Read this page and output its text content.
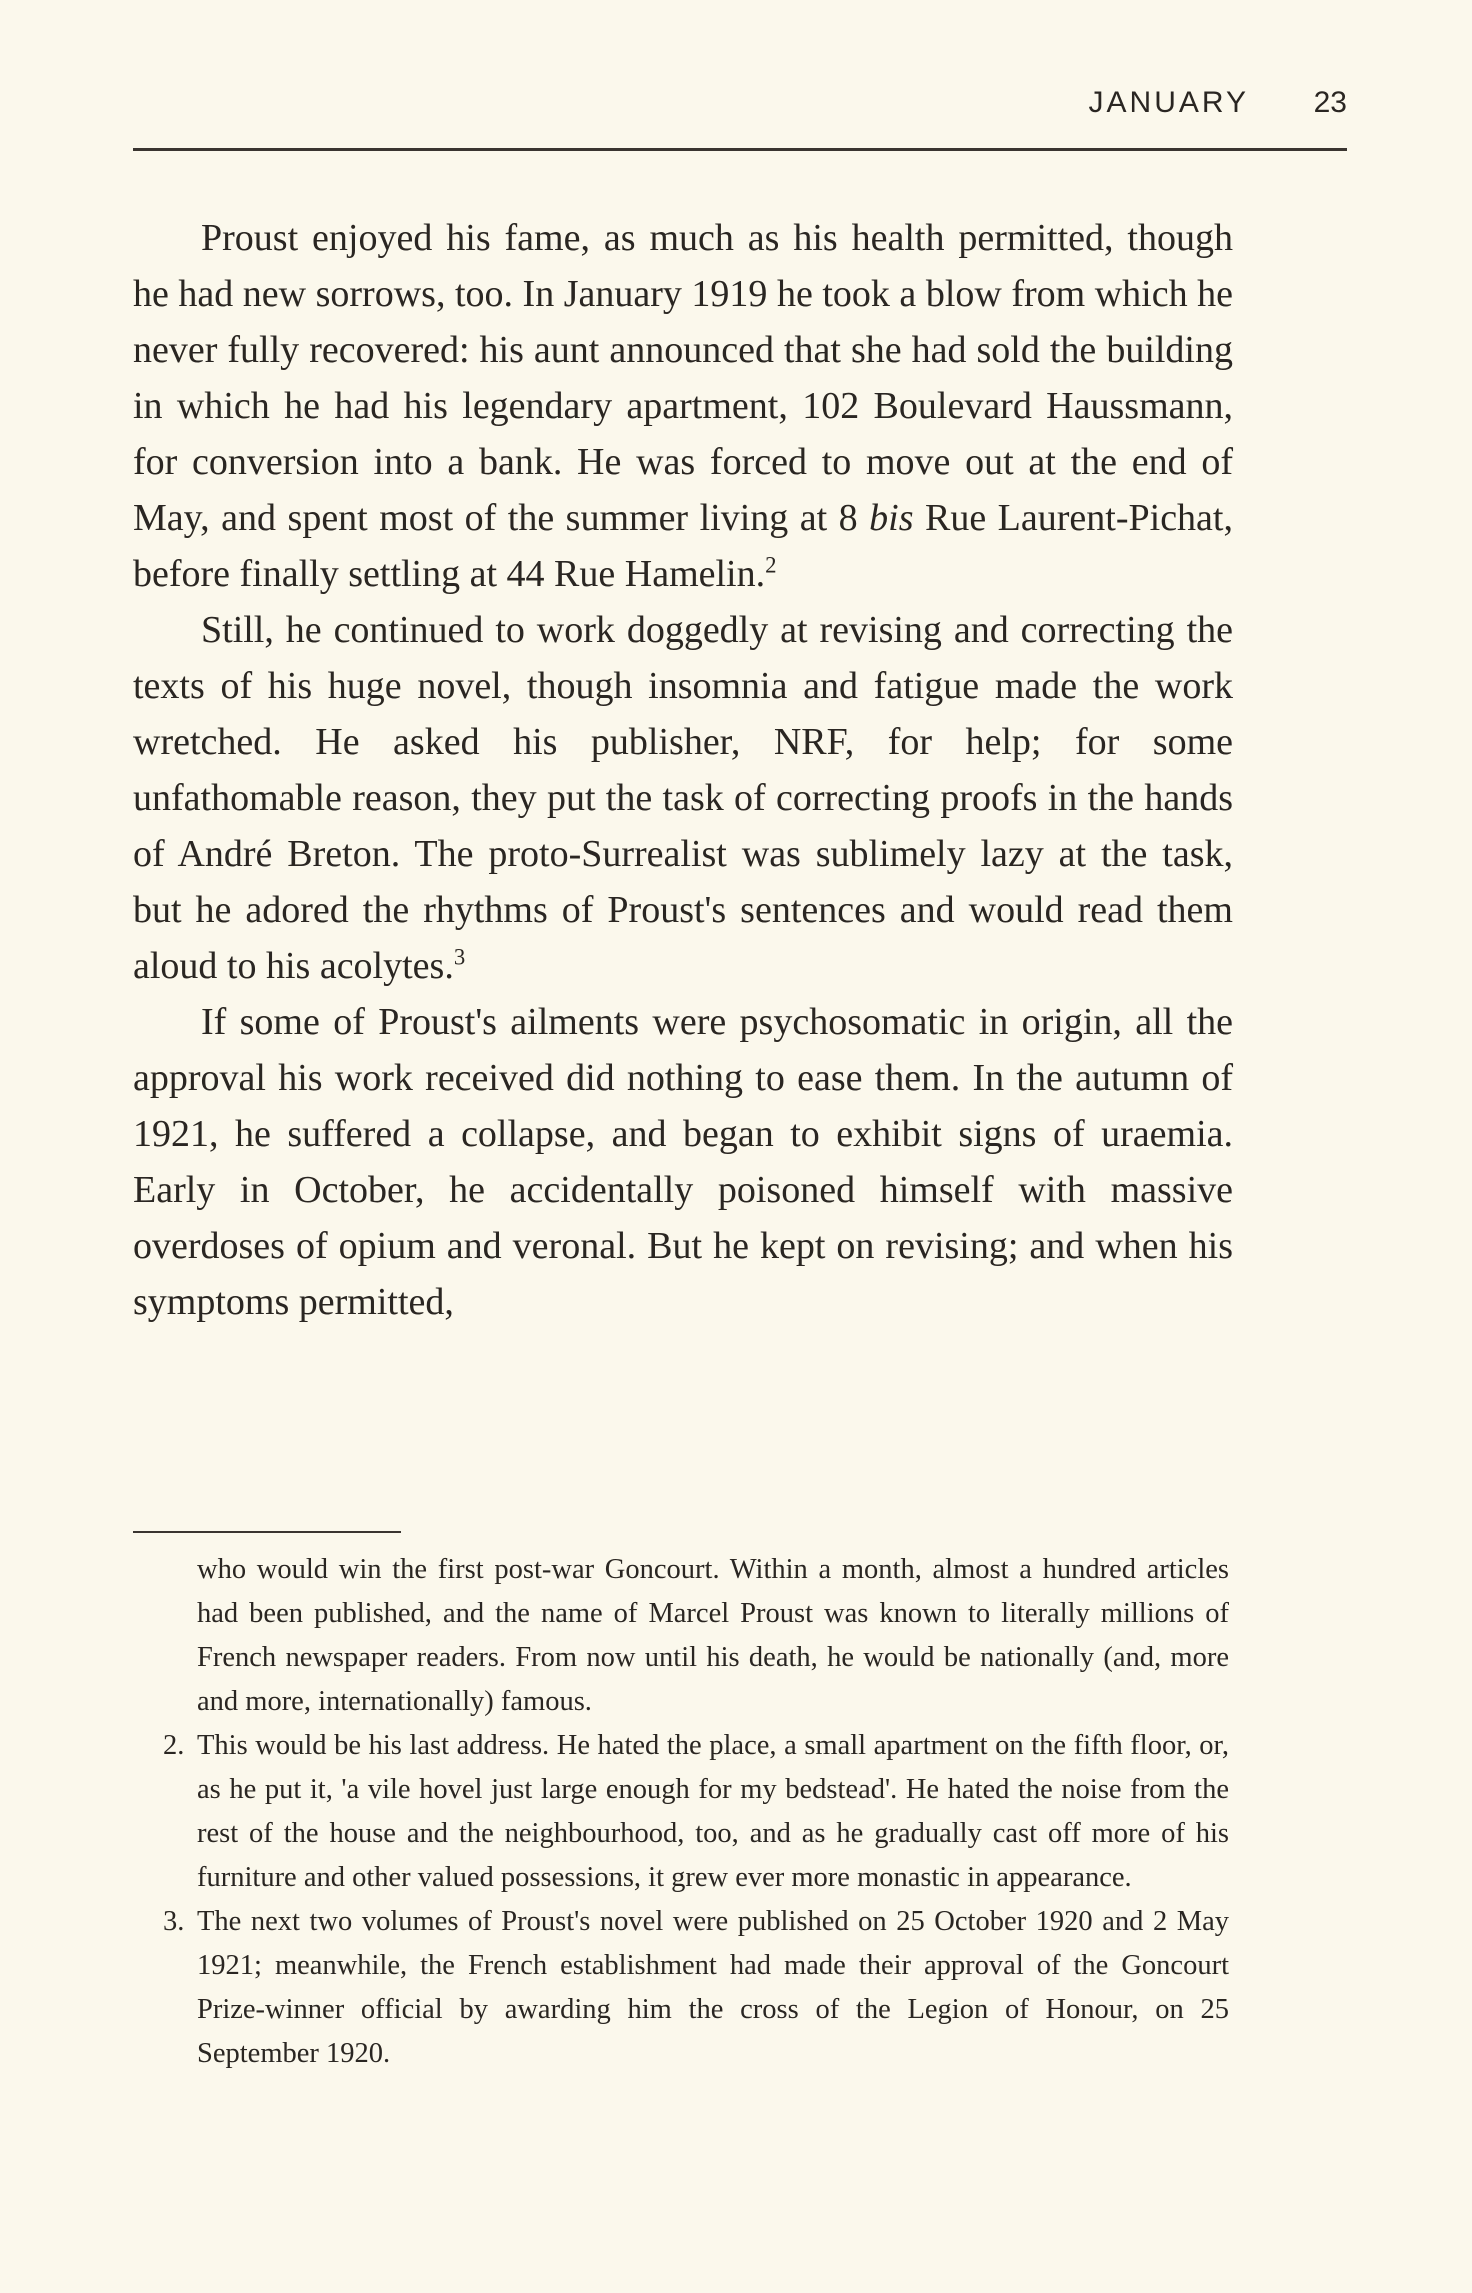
JANUARY 23

Proust enjoyed his fame, as much as his health permitted, though he had new sorrows, too. In January 1919 he took a blow from which he never fully recovered: his aunt announced that she had sold the building in which he had his legendary apartment, 102 Boulevard Haussmann, for conversion into a bank. He was forced to move out at the end of May, and spent most of the summer living at 8 bis Rue Laurent-Pichat, before finally settling at 44 Rue Hamelin.$^2$

Still, he continued to work doggedly at revising and correcting the texts of his huge novel, though insomnia and fatigue made the work wretched. He asked his publisher, NRF, for help; for some unfathomable reason, they put the task of correcting proofs in the hands of André Breton. The proto-Surrealist was sublimely lazy at the task, but he adored the rhythms of Proust's sentences and would read them aloud to his acolytes.$^3$

If some of Proust's ailments were psychosomatic in origin, all the approval his work received did nothing to ease them. In the autumn of 1921, he suffered a collapse, and began to exhibit signs of uraemia. Early in October, he accidentally poisoned himself with massive overdoses of opium and veronal. But he kept on revising; and when his symptoms permitted,

who would win the first post-war Goncourt. Within a month, almost a hundred articles had been published, and the name of Marcel Proust was known to literally millions of French newspaper readers. From now until his death, he would be nationally (and, more and more, internationally) famous.

2. This would be his last address. He hated the place, a small apartment on the fifth floor, or, as he put it, 'a vile hovel just large enough for my bedstead'. He hated the noise from the rest of the house and the neighbourhood, too, and as he gradually cast off more of his furniture and other valued possessions, it grew ever more monastic in appearance.

3. The next two volumes of Proust's novel were published on 25 October 1920 and 2 May 1921; meanwhile, the French establishment had made their approval of the Goncourt Prize-winner official by awarding him the cross of the Legion of Honour, on 25 September 1920.
